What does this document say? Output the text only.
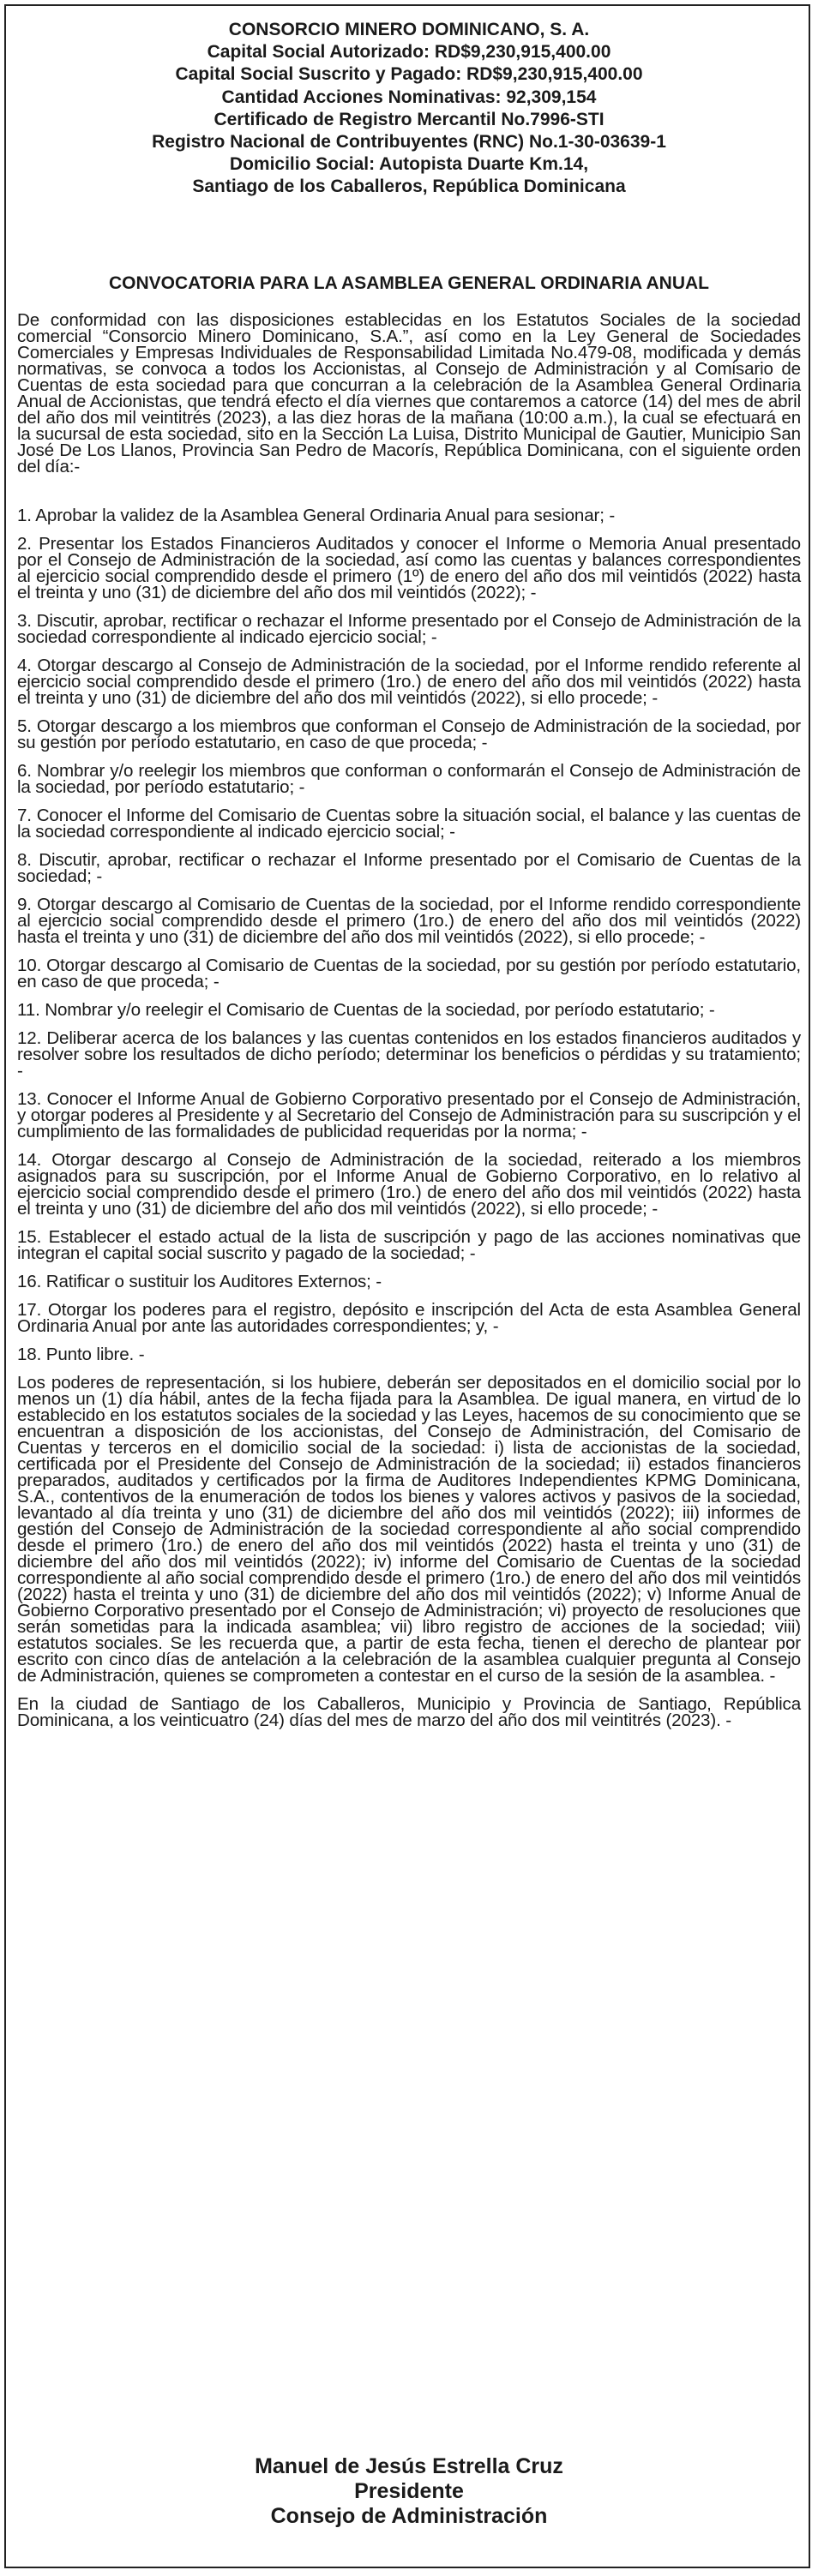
CONSORCIO MINERO DOMINICANO, S. A.
Capital Social Autorizado: RD$9,230,915,400.00
Capital Social Suscrito y Pagado: RD$9,230,915,400.00
Cantidad Acciones Nominativas: 92,309,154
Certificado de Registro Mercantil No.7996-STI
Registro Nacional de Contribuyentes (RNC) No.1-30-03639-1
Domicilio Social: Autopista Duarte Km.14,
Santiago de los Caballeros, República Dominicana
CONVOCATORIA PARA LA ASAMBLEA GENERAL ORDINARIA ANUAL

De conformidad con las disposiciones establecidas en los Estatutos Sociales de la sociedad comercial “Consorcio Minero Dominicano, S.A.”, así como en la Ley General de Sociedades Comerciales y Empresas Individuales de Responsabilidad Limitada No.479-08, modificada y demás normativas, se convoca a todos los Accionistas, al Consejo de Administración y al Comisario de Cuentas de esta sociedad para que concurran a la celebración de la Asamblea General Ordinaria Anual de Accionistas, que tendrá efecto el día viernes que contaremos a catorce (14) del mes de abril del año dos mil veintitrés (2023), a las diez horas de la mañana (10:00 a.m.), la cual se efectuará en la sucursal de esta sociedad, sito en la Sección La Luisa, Distrito Municipal de Gautier, Municipio San José De Los Llanos, Provincia San Pedro de Macorís, República Dominicana, con el siguiente orden del día:-

1. Aprobar la validez de la Asamblea General Ordinaria Anual para sesionar; -

2. Presentar los Estados Financieros Auditados y conocer el Informe o Memoria Anual presentado por el Consejo de Administración de la sociedad, así como las cuentas y balances correspondientes al ejercicio social comprendido desde el primero (1º) de enero del año dos mil veintidós (2022) hasta el treinta y uno (31) de diciembre del año dos mil veintidós (2022); -

3. Discutir, aprobar, rectificar o rechazar el Informe presentado por el Consejo de Administración de la sociedad correspondiente al indicado ejercicio social; -

4. Otorgar descargo al Consejo de Administración de la sociedad, por el Informe rendido referente al ejercicio social comprendido desde el primero (1ro.) de enero del año dos mil veintidós (2022) hasta el treinta y uno (31) de diciembre del año dos mil veintidós (2022), si ello procede; -

5. Otorgar descargo a los miembros que conforman el Consejo de Administración de la sociedad, por su gestión por período estatutario, en caso de que proceda; -

6. Nombrar y/o reelegir los miembros que conforman o conformarán el Consejo de Administración de la sociedad, por período estatutario; -

7. Conocer el Informe del Comisario de Cuentas sobre la situación social, el balance y las cuentas de la sociedad correspondiente al indicado ejercicio social; -

8. Discutir, aprobar, rectificar o rechazar el Informe presentado por el Comisario de Cuentas de la sociedad; -

9. Otorgar descargo al Comisario de Cuentas de la sociedad, por el Informe rendido correspondiente al ejercicio social comprendido desde el primero (1ro.) de enero del año dos mil veintidós (2022) hasta el treinta y uno (31) de diciembre del año dos mil veintidós (2022), si ello procede; -

10. Otorgar descargo al Comisario de Cuentas de la sociedad, por su gestión por período estatutario, en caso de que proceda; -

11. Nombrar y/o reelegir el Comisario de Cuentas de la sociedad, por período estatutario; -

12. Deliberar acerca de los balances y las cuentas contenidos en los estados financieros auditados y resolver sobre los resultados de dicho período; determinar los beneficios o pérdidas y su tratamiento; -

13. Conocer el Informe Anual de Gobierno Corporativo presentado por el Consejo de Administración, y otorgar poderes al Presidente y al Secretario del Consejo de Administración para su suscripción y el cumplimiento de las formalidades de publicidad requeridas por la norma; -

14. Otorgar descargo al Consejo de Administración de la sociedad, reiterado a los miembros asignados para su suscripción, por el Informe Anual de Gobierno Corporativo, en lo relativo al ejercicio social comprendido desde el primero (1ro.) de enero del año dos mil veintidós (2022) hasta el treinta y uno (31) de diciembre del año dos mil veintidós (2022), si ello procede; -

15. Establecer el estado actual de la lista de suscripción y pago de las acciones nominativas que integran el capital social suscrito y pagado de la sociedad; -

16. Ratificar o sustituir los Auditores Externos; -

17. Otorgar los poderes para el registro, depósito e inscripción del Acta de esta Asamblea General Ordinaria Anual por ante las autoridades correspondientes; y, -

18. Punto libre. -

Los poderes de representación, si los hubiere, deberán ser depositados en el domicilio social por lo menos un (1) día hábil, antes de la fecha fijada para la Asamblea. De igual manera, en virtud de lo establecido en los estatutos sociales de la sociedad y las Leyes, hacemos de su conocimiento que se encuentran a disposición de los accionistas, del Consejo de Administración, del Comisario de Cuentas y terceros en el domicilio social de la sociedad: i) lista de accionistas de la sociedad, certificada por el Presidente del Consejo de Administración de la sociedad; ii) estados financieros preparados, auditados y certificados por la firma de Auditores Independientes KPMG Dominicana, S.A., contentivos de la enumeración de todos los bienes y valores activos y pasivos de la sociedad, levantado al día treinta y uno (31) de diciembre del año dos mil veintidós (2022); iii) informes de gestión del Consejo de Administración de la sociedad correspondiente al año social comprendido desde el primero (1ro.) de enero del año dos mil veintidós (2022) hasta el treinta y uno (31) de diciembre del año dos mil veintidós (2022); iv) informe del Comisario de Cuentas de la sociedad correspondiente al año social comprendido desde el primero (1ro.) de enero del año dos mil veintidós (2022) hasta el treinta y uno (31) de diciembre del año dos mil veintidós (2022); v) Informe Anual de Gobierno Corporativo presentado por el Consejo de Administración; vi) proyecto de resoluciones que serán sometidas para la indicada asamblea; vii) libro registro de acciones de la sociedad; viii) estatutos sociales. Se les recuerda que, a partir de esta fecha, tienen el derecho de plantear por escrito con cinco días de antelación a la celebración de la asamblea cualquier pregunta al Consejo de Administración, quienes se comprometen a contestar en el curso de la sesión de la asamblea. -

En la ciudad de Santiago de los Caballeros, Municipio y Provincia de Santiago, República Dominicana, a los veinticuatro (24) días del mes de marzo del año dos mil veintitrés (2023). -

Manuel de Jesús Estrella Cruz
Presidente
Consejo de Administración
